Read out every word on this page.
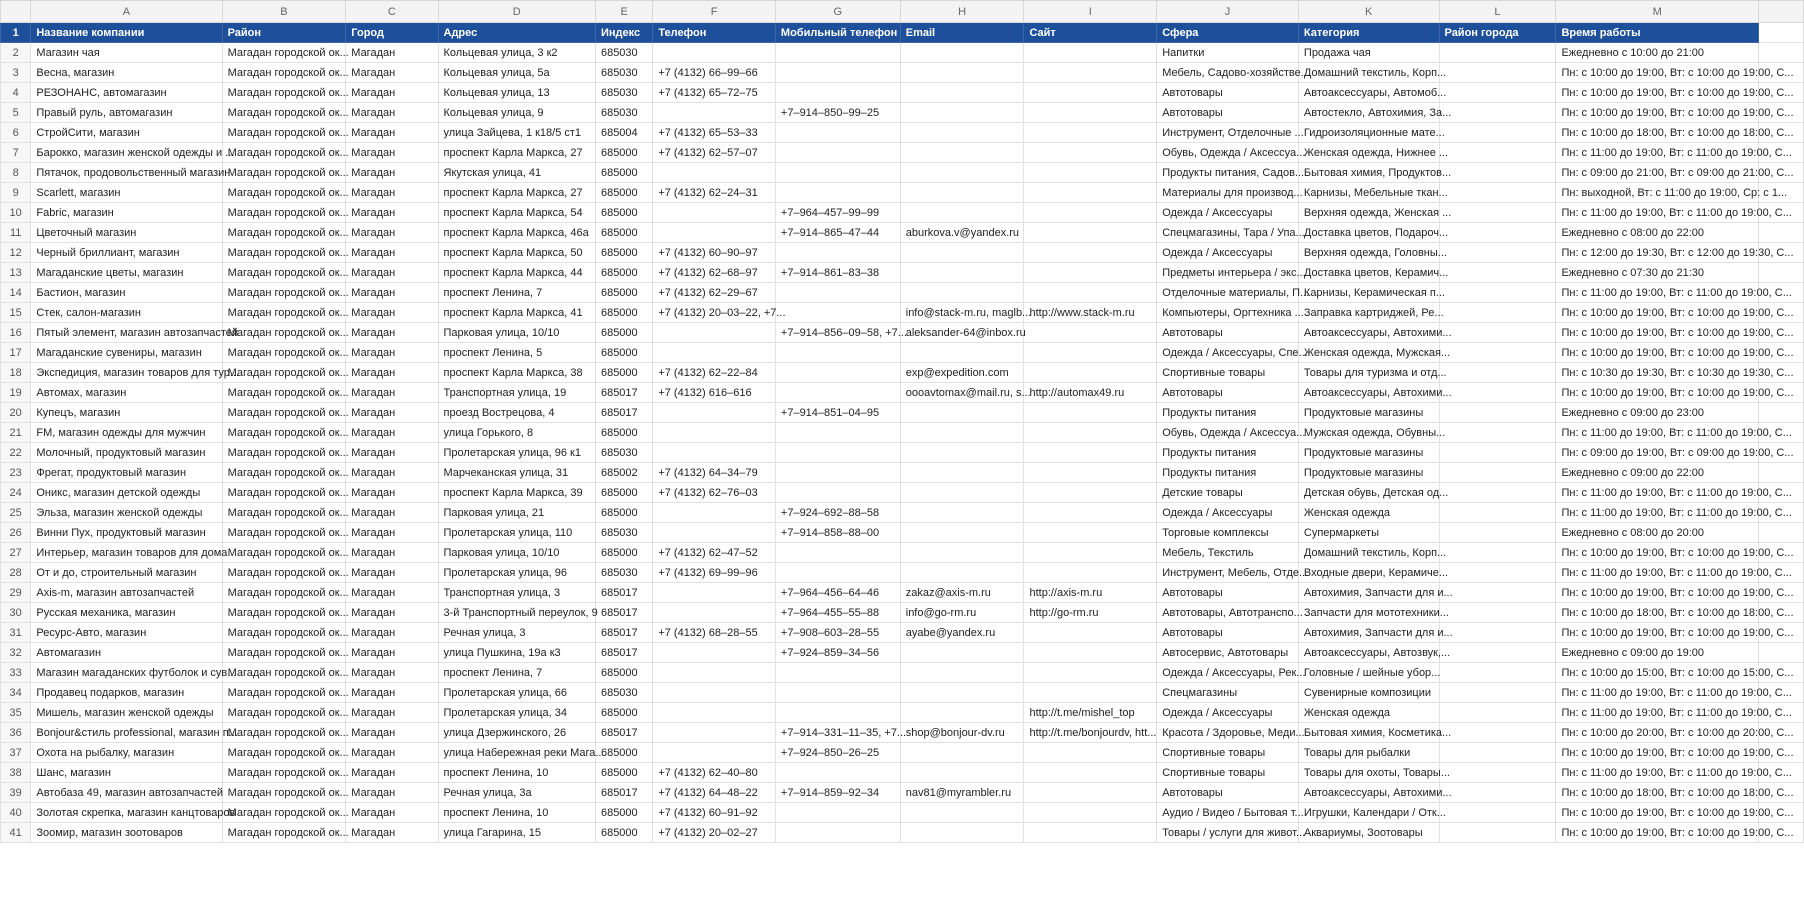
	A	B	C	D	E	F	G	H	I	J	K	L	M	
1	Название компании	Район	Город	Адрес	Индекс	Телефон	Мобильный телефон	Email	Сайт	Сфера	Категория	Район города	Время работы	
2	Магазин чая	Магадан городской ок...	Магадан	Кольцевая улица, 3 к2	685030					Напитки	Продажа чая		Ежедневно с 10:00 до 21:00	
3	Весна, магазин	Магадан городской ок...	Магадан	Кольцевая улица, 5а	685030	+7 (4132) 66–99–66				Мебель, Садово-хозяйстве...	Домашний текстиль, Корп...		Пн: с 10:00 до 19:00, Вт: с 10:00 до 19:00, С...	
4	РЕЗОНАНС, автомагазин	Магадан городской ок...	Магадан	Кольцевая улица, 13	685030	+7 (4132) 65–72–75				Автотовары	Автоаксессуары, Автомоб...		Пн: с 10:00 до 19:00, Вт: с 10:00 до 19:00, С...	
5	Правый руль, автомагазин	Магадан городской ок...	Магадан	Кольцевая улица, 9	685030		+7–914–850–99–25			Автотовары	Автостекло, Автохимия, За...		Пн: с 10:00 до 19:00, Вт: с 10:00 до 19:00, С...	
6	СтройСити, магазин	Магадан городской ок...	Магадан	улица Зайцева, 1 к18/5 ст1	685004	+7 (4132) 65–53–33				Инструмент, Отделочные ...	Гидроизоляционные мате...		Пн: с 10:00 до 18:00, Вт: с 10:00 до 18:00, С...	
7	Барокко, магазин женской одежды и ...	Магадан городской ок...	Магадан	проспект Карла Маркса, 27	685000	+7 (4132) 62–57–07				Обувь, Одежда / Аксессуа...	Женская одежда, Нижнее ...		Пн: с 11:00 до 19:00, Вт: с 11:00 до 19:00, С...	
8	Пятачок, продовольственный магазин	Магадан городской ок...	Магадан	Якутская улица, 41	685000					Продукты питания, Садов...	Бытовая химия, Продуктов...		Пн: с 09:00 до 21:00, Вт: с 09:00 до 21:00, С...	
9	Scarlett, магазин	Магадан городской ок...	Магадан	проспект Карла Маркса, 27	685000	+7 (4132) 62–24–31				Материалы для производ...	Карнизы, Мебельные ткан...		Пн: выходной, Вт: с 11:00 до 19:00, Ср: с 1...	
10	Fabric, магазин	Магадан городской ок...	Магадан	проспект Карла Маркса, 54	685000		+7–964–457–99–99			Одежда / Аксессуары	Верхняя одежда, Женская ...		Пн: с 11:00 до 19:00, Вт: с 11:00 до 19:00, С...	
11	Цветочный магазин	Магадан городской ок...	Магадан	проспект Карла Маркса, 46а	685000		+7–914–865–47–44	aburkova.v@yandex.ru		Спецмагазины, Тара / Упа...	Доставка цветов, Подароч...		Ежедневно с 08:00 до 22:00	
12	Черный бриллиант, магазин	Магадан городской ок...	Магадан	проспект Карла Маркса, 50	685000	+7 (4132) 60–90–97				Одежда / Аксессуары	Верхняя одежда, Головны...		Пн: с 12:00 до 19:30, Вт: с 12:00 до 19:30, С...	
13	Магаданские цветы, магазин	Магадан городской ок...	Магадан	проспект Карла Маркса, 44	685000	+7 (4132) 62–68–97	+7–914–861–83–38			Предметы интерьера / экс...	Доставка цветов, Керамич...		Ежедневно с 07:30 до 21:30	
14	Бастион, магазин	Магадан городской ок...	Магадан	проспект Ленина, 7	685000	+7 (4132) 62–29–67				Отделочные материалы, П...	Карнизы, Керамическая п...		Пн: с 11:00 до 19:00, Вт: с 11:00 до 19:00, С...	
15	Стек, салон-магазин	Магадан городской ок...	Магадан	проспект Карла Маркса, 41	685000	+7 (4132) 20–03–22, +7...		info@stack-m.ru, maglb...	http://www.stack-m.ru	Компьютеры, Оргтехника ...	Заправка картриджей, Ре...		Пн: с 10:00 до 19:00, Вт: с 10:00 до 19:00, С...	
16	Пятый элемент, магазин автозапчастей	Магадан городской ок...	Магадан	Парковая улица, 10/10	685000		+7–914–856–09–58, +7...	aleksander-64@inbox.ru		Автотовары	Автоаксессуары, Автохими...		Пн: с 10:00 до 19:00, Вт: с 10:00 до 19:00, С...	
17	Магаданские сувениры, магазин	Магадан городской ок...	Магадан	проспект Ленина, 5	685000					Одежда / Аксессуары, Спе...	Женская одежда, Мужская...		Пн: с 10:00 до 19:00, Вт: с 10:00 до 19:00, С...	
18	Экспедиция, магазин товаров для тур...	Магадан городской ок...	Магадан	проспект Карла Маркса, 38	685000	+7 (4132) 62–22–84		exp@expedition.com		Спортивные товары	Товары для туризма и отд...		Пн: с 10:30 до 19:30, Вт: с 10:30 до 19:30, С...	
19	Автомах, магазин	Магадан городской ок...	Магадан	Транспортная улица, 19	685017	+7 (4132) 616–616		oooavtomax@mail.ru, s...	http://automax49.ru	Автотовары	Автоаксессуары, Автохими...		Пн: с 10:00 до 19:00, Вт: с 10:00 до 19:00, С...	
20	Купецъ, магазин	Магадан городской ок...	Магадан	проезд Вострецова, 4	685017		+7–914–851–04–95			Продукты питания	Продуктовые магазины		Ежедневно с 09:00 до 23:00	
21	FM, магазин одежды для мужчин	Магадан городской ок...	Магадан	улица Горького, 8	685000					Обувь, Одежда / Аксессуа...	Мужская одежда, Обувны...		Пн: с 11:00 до 19:00, Вт: с 11:00 до 19:00, С...	
22	Молочный, продуктовый магазин	Магадан городской ок...	Магадан	Пролетарская улица, 96 к1	685030					Продукты питания	Продуктовые магазины		Пн: с 09:00 до 19:00, Вт: с 09:00 до 19:00, С...	
23	Фрегат, продуктовый магазин	Магадан городской ок...	Магадан	Марчеканская улица, 31	685002	+7 (4132) 64–34–79				Продукты питания	Продуктовые магазины		Ежедневно с 09:00 до 22:00	
24	Оникс, магазин детской одежды	Магадан городской ок...	Магадан	проспект Карла Маркса, 39	685000	+7 (4132) 62–76–03				Детские товары	Детская обувь, Детская од...		Пн: с 11:00 до 19:00, Вт: с 11:00 до 19:00, С...	
25	Эльза, магазин женской одежды	Магадан городской ок...	Магадан	Парковая улица, 21	685000		+7–924–692–88–58			Одежда / Аксессуары	Женская одежда		Пн: с 11:00 до 19:00, Вт: с 11:00 до 19:00, С...	
26	Винни Пух, продуктовый магазин	Магадан городской ок...	Магадан	Пролетарская улица, 110	685030		+7–914–858–88–00			Торговые комплексы	Супермаркеты		Ежедневно с 08:00 до 20:00	
27	Интерьер, магазин товаров для дома	Магадан городской ок...	Магадан	Парковая улица, 10/10	685000	+7 (4132) 62–47–52				Мебель, Текстиль	Домашний текстиль, Корп...		Пн: с 10:00 до 19:00, Вт: с 10:00 до 19:00, С...	
28	От и до, строительный магазин	Магадан городской ок...	Магадан	Пролетарская улица, 96	685030	+7 (4132) 69–99–96				Инструмент, Мебель, Отде...	Входные двери, Керамиче...		Пн: с 11:00 до 19:00, Вт: с 11:00 до 19:00, С...	
29	Axis-m, магазин автозапчастей	Магадан городской ок...	Магадан	Транспортная улица, 3	685017		+7–964–456–64–46	zakaz@axis-m.ru	http://axis-m.ru	Автотовары	Автохимия, Запчасти для и...		Пн: с 10:00 до 19:00, Вт: с 10:00 до 19:00, С...	
30	Русская механика, магазин	Магадан городской ок...	Магадан	3-й Транспортный переулок, 9	685017		+7–964–455–55–88	info@go-rm.ru	http://go-rm.ru	Автотовары, Автотранспо...	Запчасти для мототехники...		Пн: с 10:00 до 18:00, Вт: с 10:00 до 18:00, С...	
31	Ресурс-Авто, магазин	Магадан городской ок...	Магадан	Речная улица, 3	685017	+7 (4132) 68–28–55	+7–908–603–28–55	ayabe@yandex.ru		Автотовары	Автохимия, Запчасти для и...		Пн: с 10:00 до 19:00, Вт: с 10:00 до 19:00, С...	
32	Автомагазин	Магадан городской ок...	Магадан	улица Пушкина, 19а к3	685017		+7–924–859–34–56			Автосервис, Автотовары	Автоаксессуары, Автозвук,...		Ежедневно с 09:00 до 19:00	
33	Магазин магаданских футболок и сув...	Магадан городской ок...	Магадан	проспект Ленина, 7	685000					Одежда / Аксессуары, Рек...	Головные / шейные убор...		Пн: с 10:00 до 15:00, Вт: с 10:00 до 15:00, С...	
34	Продавец подарков, магазин	Магадан городской ок...	Магадан	Пролетарская улица, 66	685030					Спецмагазины	Сувенирные композиции		Пн: с 11:00 до 19:00, Вт: с 11:00 до 19:00, С...	
35	Мишель, магазин женской одежды	Магадан городской ок...	Магадан	Пролетарская улица, 34	685000				http://t.me/mishel_top	Одежда / Аксессуары	Женская одежда		Пн: с 11:00 до 19:00, Вт: с 11:00 до 19:00, С...	
36	Bonjour&стиль professional, магазин п...	Магадан городской ок...	Магадан	улица Дзержинского, 26	685017		+7–914–331–11–35, +7...	shop@bonjour-dv.ru	http://t.me/bonjourdv, htt...	Красота / Здоровье, Меди...	Бытовая химия, Косметика...		Пн: с 10:00 до 20:00, Вт: с 10:00 до 20:00, С...	
37	Охота на рыбалку, магазин	Магадан городской ок...	Магадан	улица Набережная реки Мага...	685000		+7–924–850–26–25			Спортивные товары	Товары для рыбалки		Пн: с 10:00 до 19:00, Вт: с 10:00 до 19:00, С...	
38	Шанс, магазин	Магадан городской ок...	Магадан	проспект Ленина, 10	685000	+7 (4132) 62–40–80				Спортивные товары	Товары для охоты, Товары...		Пн: с 11:00 до 19:00, Вт: с 11:00 до 19:00, С...	
39	Автобаза 49, магазин автозапчастей	Магадан городской ок...	Магадан	Речная улица, 3а	685017	+7 (4132) 64–48–22	+7–914–859–92–34	nav81@myrambler.ru		Автотовары	Автоаксессуары, Автохими...		Пн: с 10:00 до 18:00, Вт: с 10:00 до 18:00, С...	
40	Золотая скрепка, магазин канцтоваров	Магадан городской ок...	Магадан	проспект Ленина, 10	685000	+7 (4132) 60–91–92				Аудио / Видео / Бытовая т...	Игрушки, Календари / Отк...		Пн: с 10:00 до 19:00, Вт: с 10:00 до 19:00, С...	
41	Зоомир, магазин зоотоваров	Магадан городской ок...	Магадан	улица Гагарина, 15	685000	+7 (4132) 20–02–27				Товары / услуги для живот...	Аквариумы, Зоотовары		Пн: с 10:00 до 19:00, Вт: с 10:00 до 19:00, С...	
